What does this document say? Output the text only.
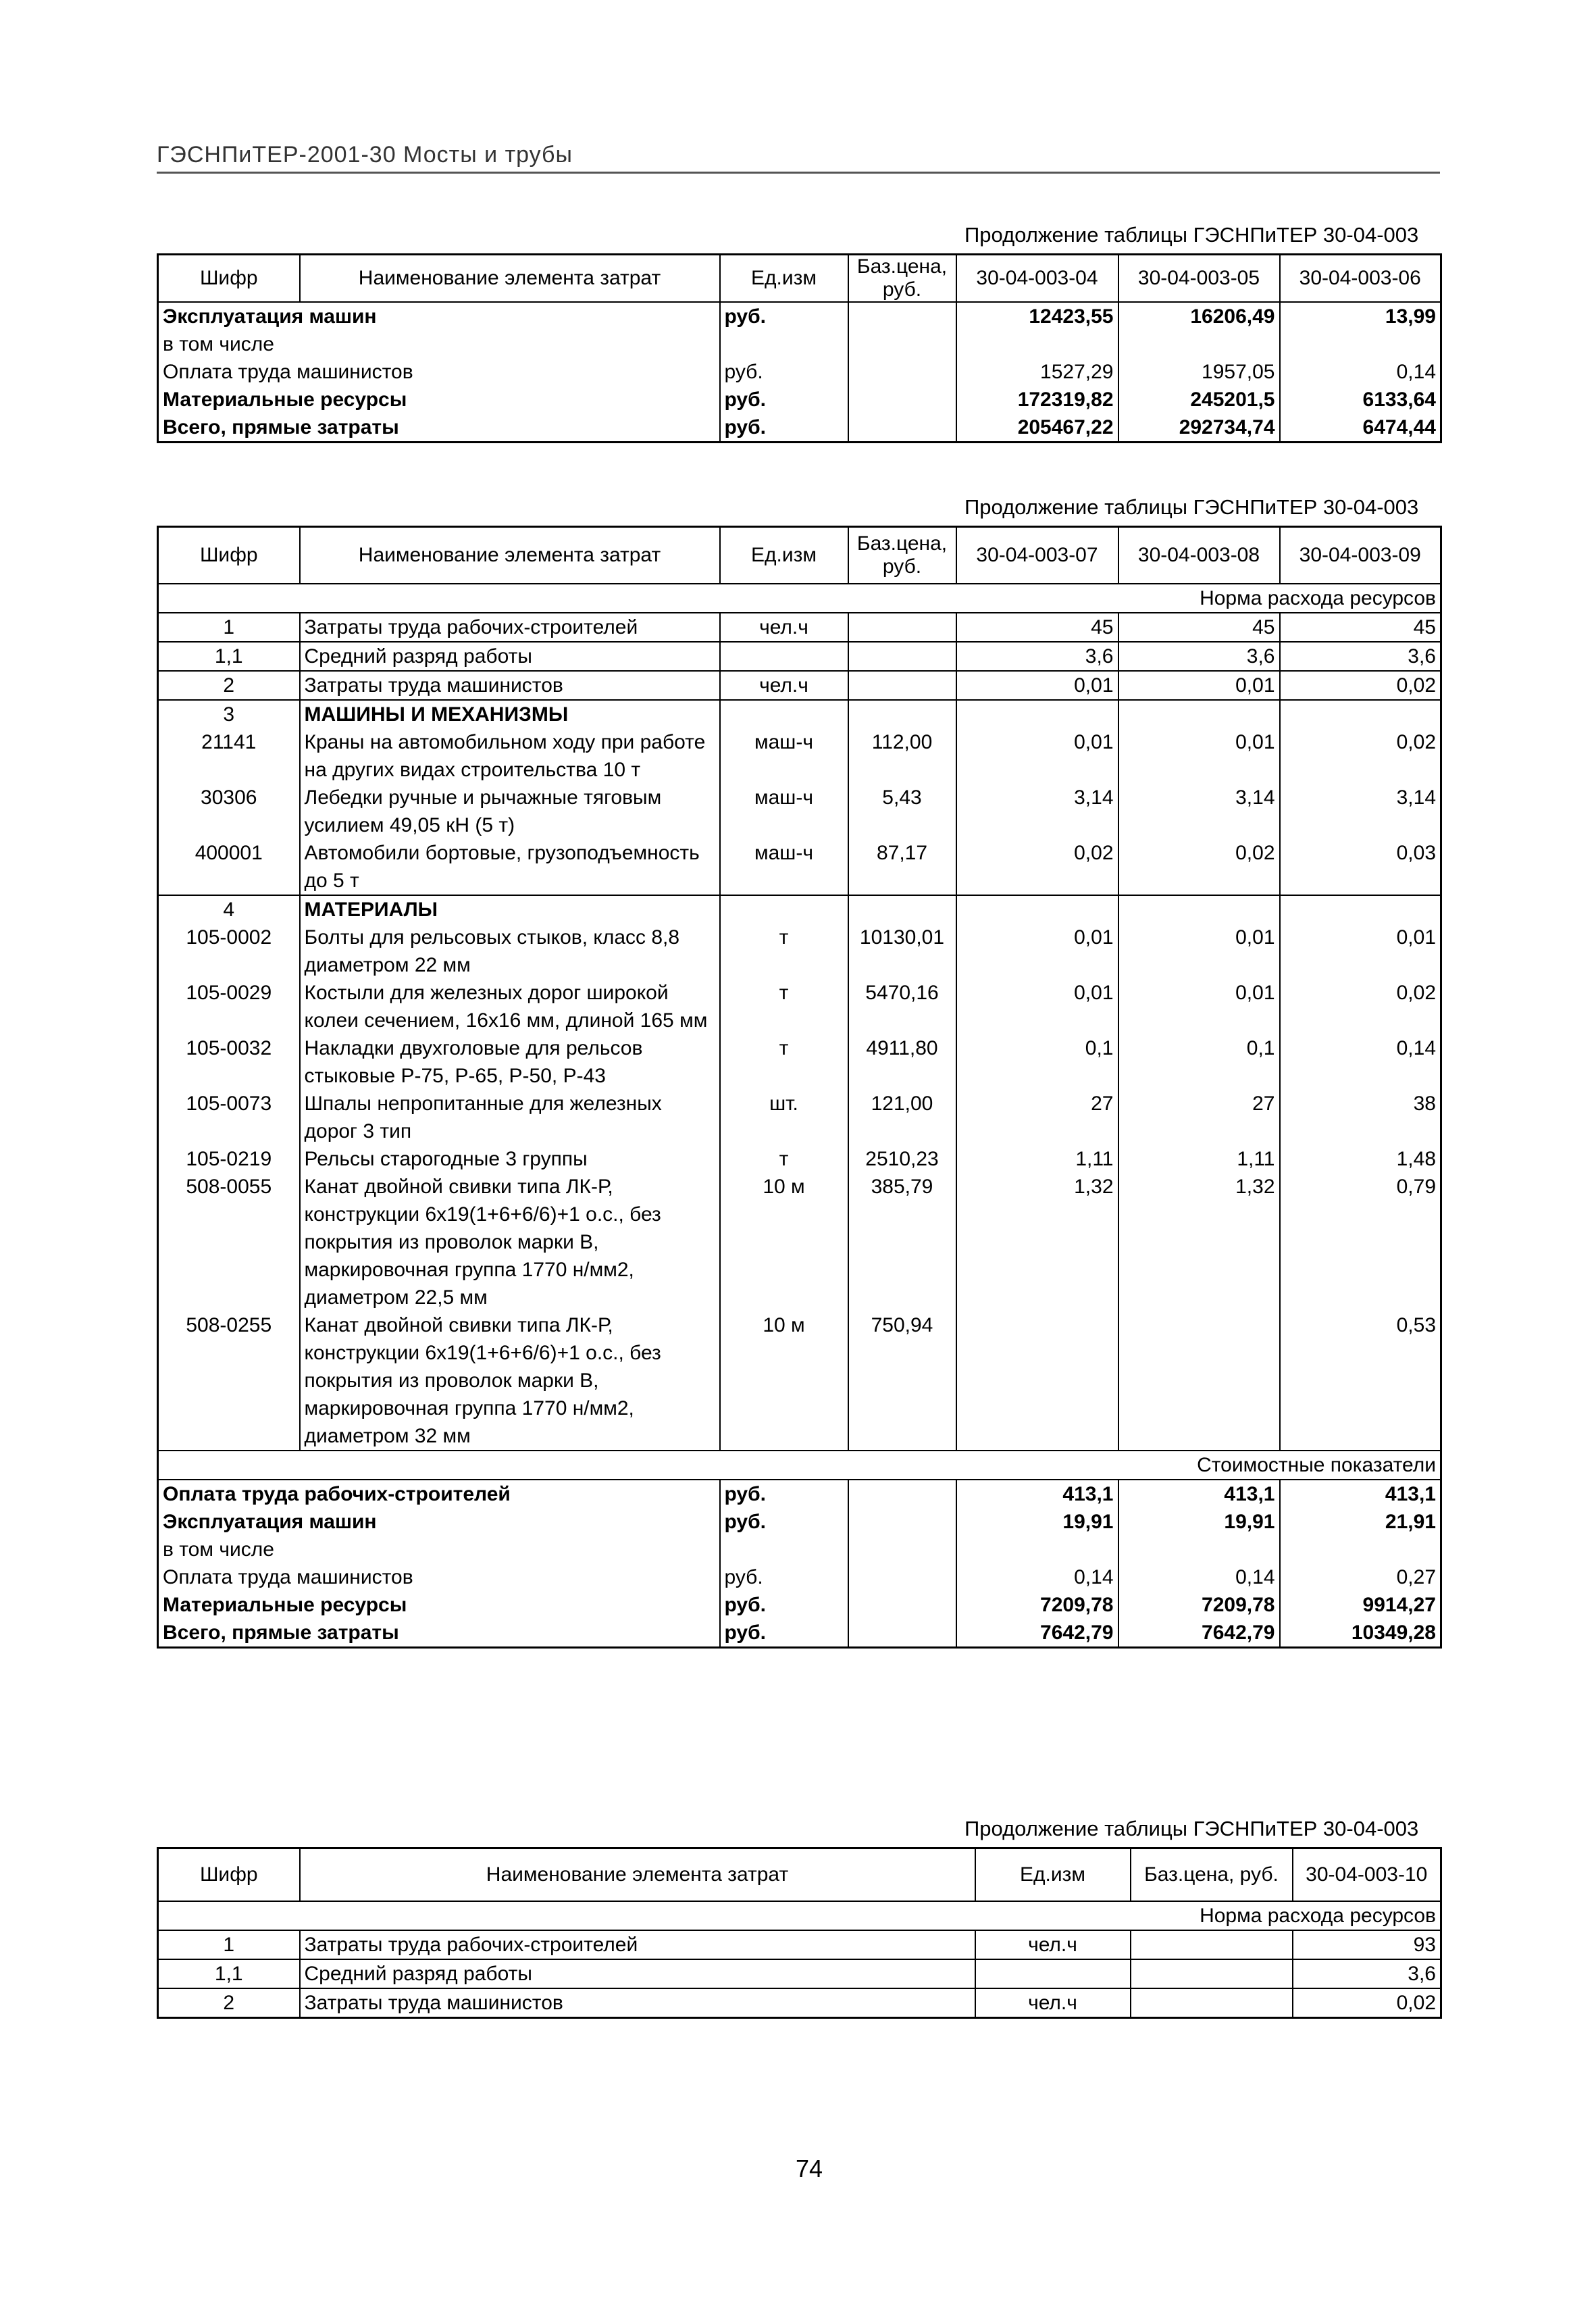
ГЭСНПиТЕР-2001-30 Мосты и трубы
Продолжение таблицы ГЭСНПиТЕР 30-04-003
Шифр	Наименование элемента затрат	Ед.изм	Баз.цена, руб.	30-04-003-04	30-04-003-05	30-04-003-06
Эксплуатация машин		руб.		12423,55	16206,49	13,99
в том числе						
Оплата труда машинистов		руб.		1527,29	1957,05	0,14
Материальные ресурсы		руб.		172319,82	245201,5	6133,64
Всего, прямые затраты		руб.		205467,22	292734,74	6474,44
Продолжение таблицы ГЭСНПиТЕР 30-04-003
Шифр	Наименование элемента затрат	Ед.изм	Баз.цена, руб.	30-04-003-07	30-04-003-08	30-04-003-09
Норма расхода ресурсов						
1	Затраты труда рабочих-строителей	чел.ч		45	45	45
1,1	Средний разряд работы			3,6	3,6	3,6
2	Затраты труда машинистов	чел.ч		0,01	0,01	0,02
3	МАШИНЫ И МЕХАНИЗМЫ					
21141	Краны на автомобильном ходу при работе на других видах строительства 10 т	маш-ч	112,00	0,01	0,01	0,02
30306	Лебедки ручные и рычажные тяговым усилием 49,05 кН (5 т)	маш-ч	5,43	3,14	3,14	3,14
400001	Автомобили бортовые, грузоподъемность до 5 т	маш-ч	87,17	0,02	0,02	0,03
4	МАТЕРИАЛЫ					
105-0002	Болты для рельсовых стыков, класс 8,8 диаметром 22 мм	т	10130,01	0,01	0,01	0,01
105-0029	Костыли для железных дорог широкой колеи сечением, 16х16 мм, длиной 165 мм	т	5470,16	0,01	0,01	0,02
105-0032	Накладки двухголовые для рельсов стыковые Р-75, Р-65, Р-50, Р-43	т	4911,80	0,1	0,1	0,14
105-0073	Шпалы непропитанные для железных дорог 3 тип	шт.	121,00	27	27	38
105-0219	Рельсы старогодные 3 группы	т	2510,23	1,11	1,11	1,48
508-0055	Канат двойной свивки типа ЛК-Р, конструкции 6х19(1+6+6/6)+1 о.с., без покрытия из проволок марки В, маркировочная группа 1770 н/мм2, диаметром 22,5 мм	10 м	385,79	1,32	1,32	0,79
508-0255	Канат двойной свивки типа ЛК-Р, конструкции 6х19(1+6+6/6)+1 о.с., без покрытия из проволок марки В, маркировочная группа 1770 н/мм2, диаметром 32 мм	10 м	750,94			0,53
Стоимостные показатели						
Оплата труда рабочих-строителей		руб.		413,1	413,1	413,1
Эксплуатация машин		руб.		19,91	19,91	21,91
в том числе						
Оплата труда машинистов		руб.		0,14	0,14	0,27
Материальные ресурсы		руб.		7209,78	7209,78	9914,27
Всего, прямые затраты		руб.		7642,79	7642,79	10349,28
Продолжение таблицы ГЭСНПиТЕР 30-04-003
Шифр	Наименование элемента затрат	Ед.изм	Баз.цена, руб.	30-04-003-10
Норма расхода ресурсов				
1	Затраты труда рабочих-строителей	чел.ч		93
1,1	Средний разряд работы			3,6
2	Затраты труда машинистов	чел.ч		0,02
74
